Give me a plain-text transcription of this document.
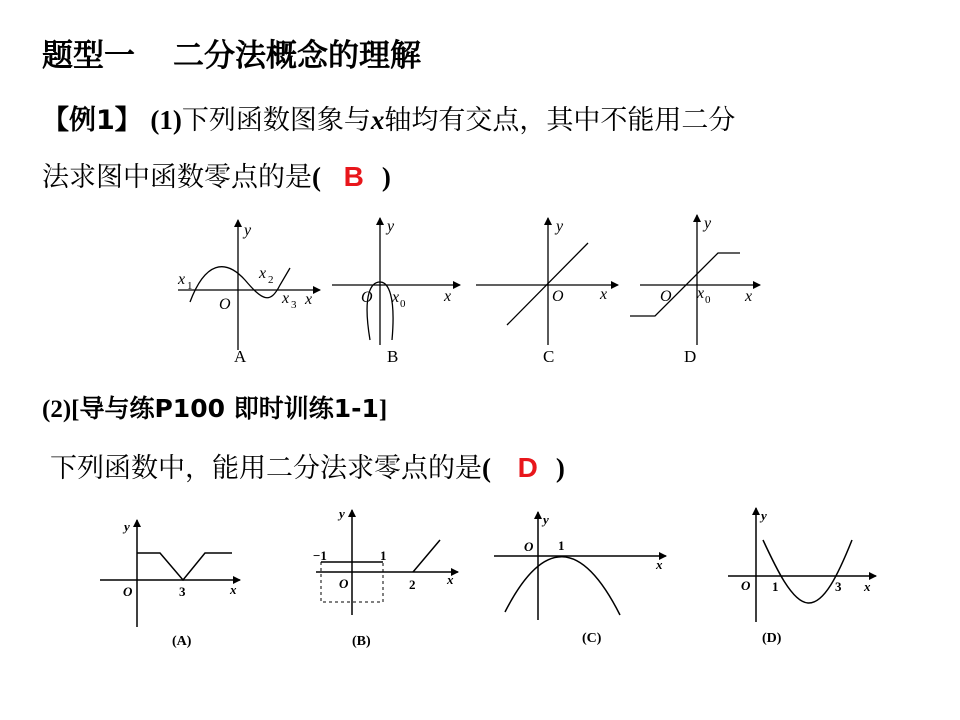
题型一 二分法概念的理解
【例1】 (1)下列函数图象与x轴均有交点，其中不能用二分
法求图中函数零点的是( B )
(2)[导与练P100 即时训练1-1]
下列函数中，能用二分法求零点的是( D )
y
O	x
x 1
x 2
x 3
A
y
O	x
x 0
B
y
O x
C
y
O	x
x 0
D
y
O	x
3
(A)
y
O	x
−1	1
2
(B)
y
O
x
1
(C)
y
O	x
1	3
(D)
